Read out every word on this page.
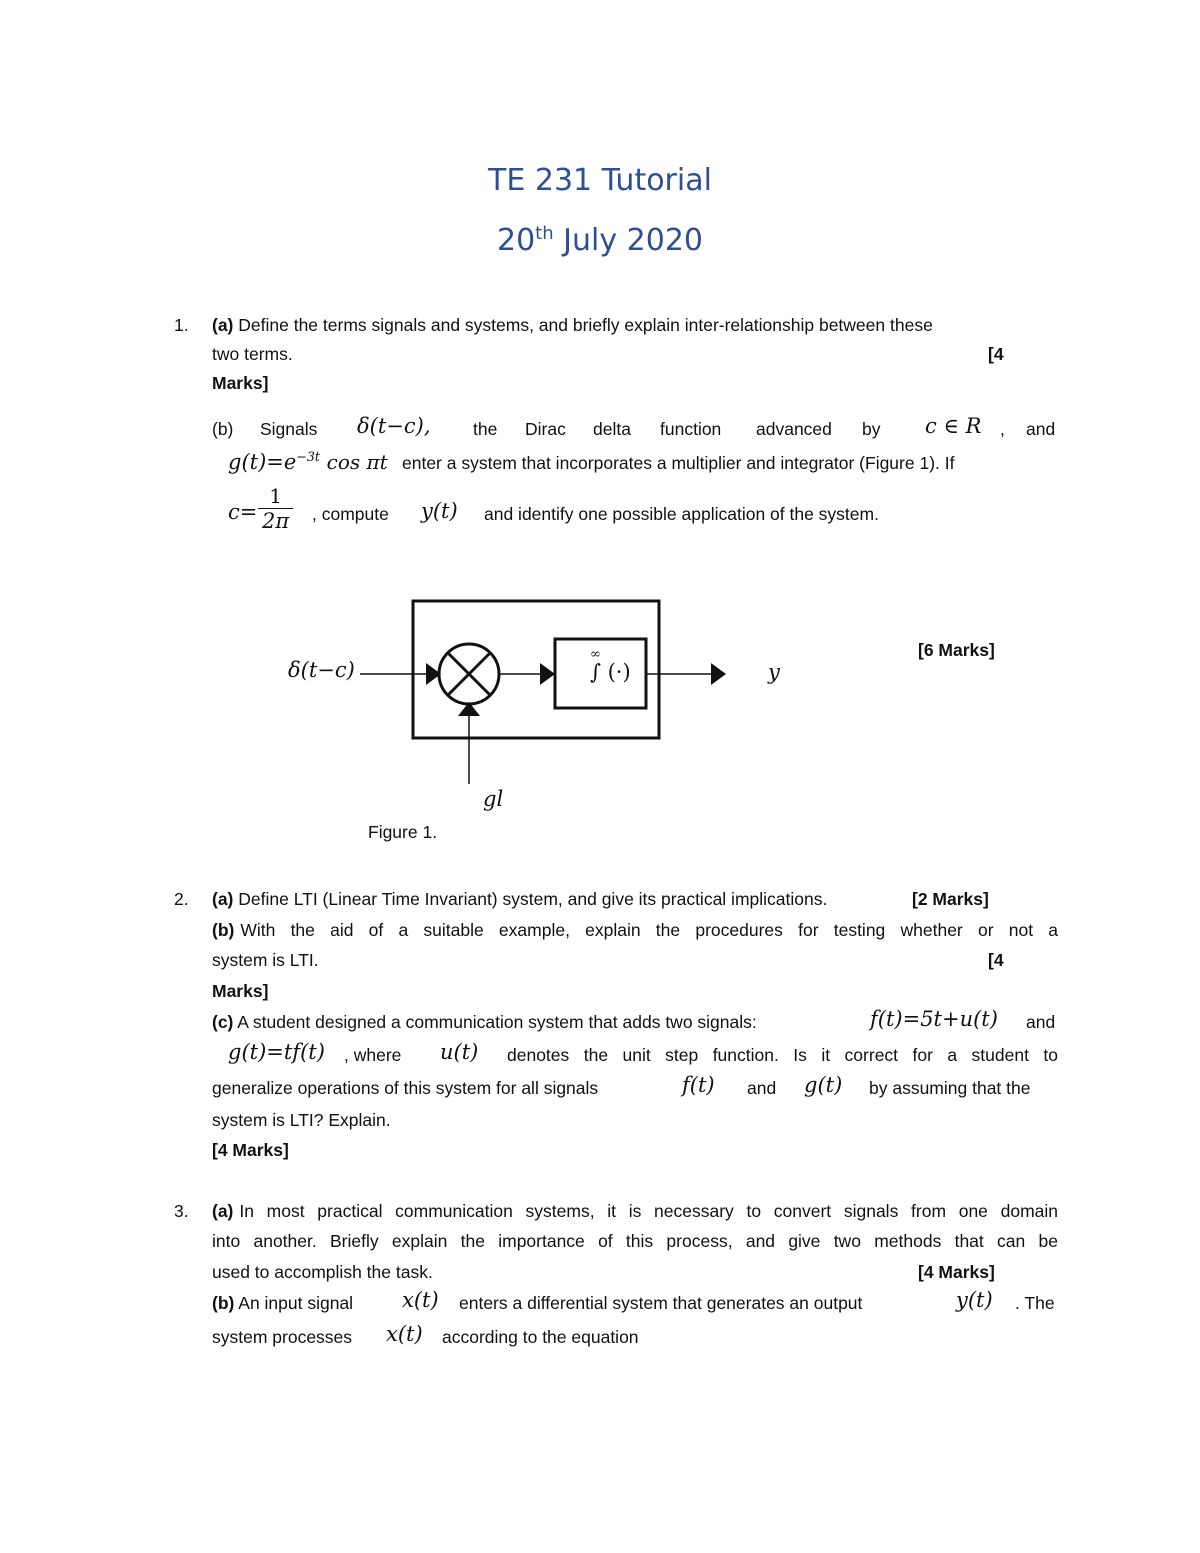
TE 231 Tutorial
20th July 2020
1. (a) Define the terms signals and systems, and briefly explain inter-relationship between these
two terms.	[4
Marks]
(b) Signals δ(t−c), the Dirac delta function advanced by c ∈ R , and
$g(t)=e^{-3t}$ cos πt enter a system that incorporates a multiplier and integrator (Figure 1). If
$c= \frac{1}{2\pi}$ , compute y(t) and identify one possible application of the system.
δ(t−c)
∞
∫ (·)	y
gl
[6 Marks]
Figure 1.
2. (a) Define LTI (Linear Time Invariant) system, and give its practical implications.	[2 Marks]
(b) With the aid of a suitable example, explain the procedures for testing whether or not a
system is LTI.	[4
Marks]
(c) A student designed a communication system that adds two signals:	f(t)=5t+u(t) and
g(t)=tf(t) , where u(t) denotes the unit step function. Is it correct for a student to
generalize operations of this system for all signals	f(t) and g(t) by assuming that the
system is LTI? Explain.
[4 Marks]
3. (a) In most practical communication systems, it is necessary to convert signals from one domain
into another. Briefly explain the importance of this process, and give two methods that can be
used to accomplish the task.	[4 Marks]
(b) An input signal x(t) enters a differential system that generates an output	y(t) . The
system processes x(t) according to the equation
